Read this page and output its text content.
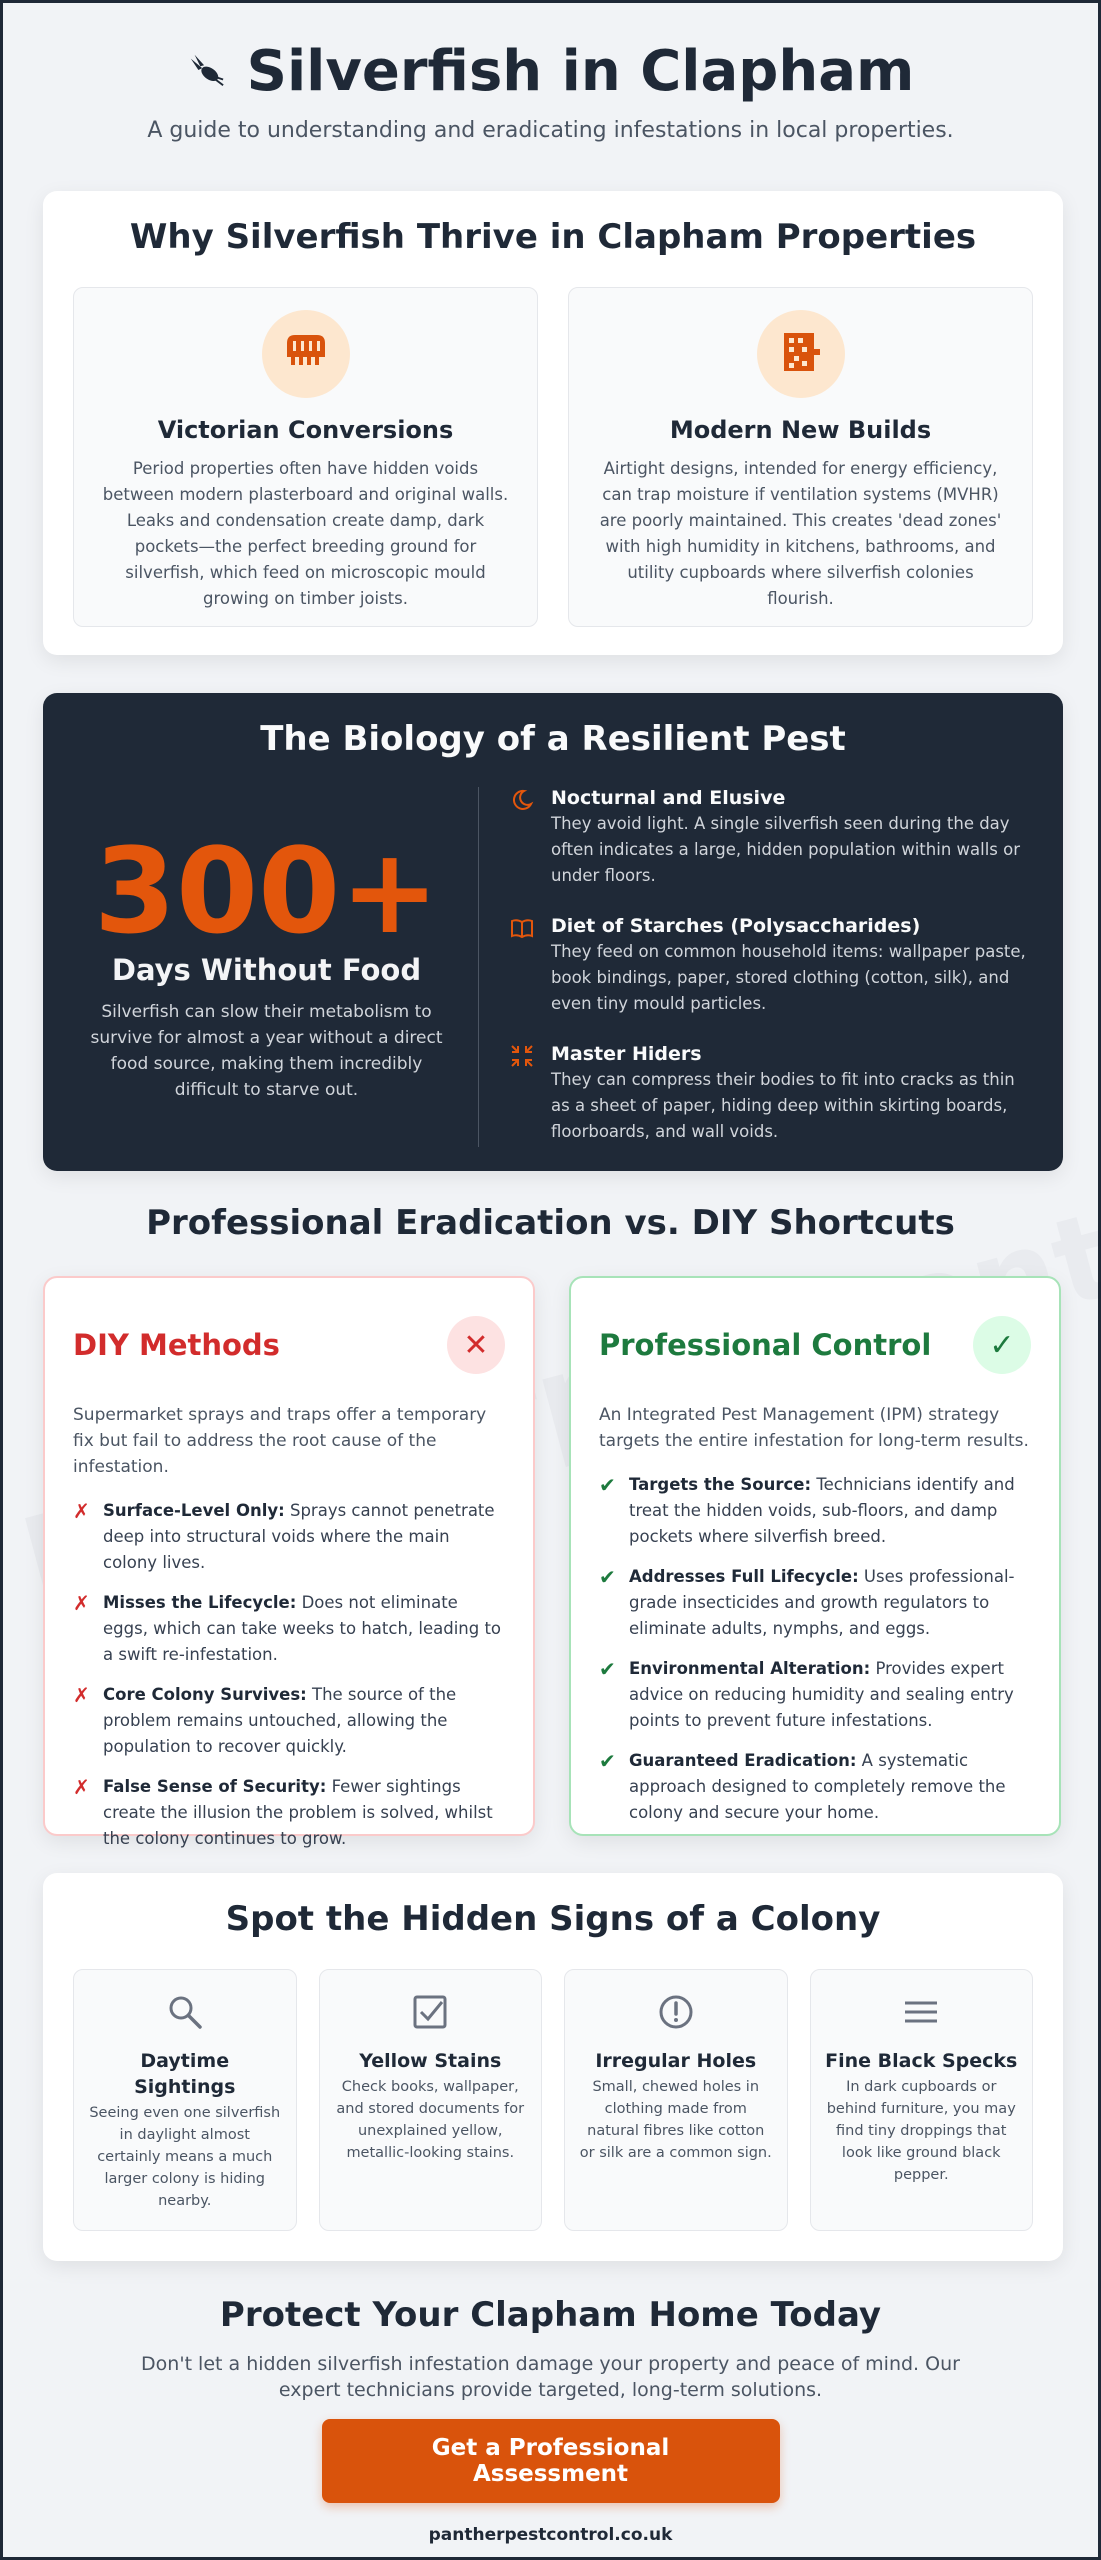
Silverfish in Clapham

A guide to understanding and eradicating infestations in local properties.

Why Silverfish Thrive in Clapham Properties
Victorian Conversions

Period properties often have hidden voids between modern plasterboard and original walls. Leaks and condensation create damp, dark pockets—the perfect breeding ground for silverfish, which feed on microscopic mould growing on timber joists.

Modern New Builds

Airtight designs, intended for energy efficiency, can trap moisture if ventilation systems (MVHR) are poorly maintained. This creates 'dead zones' with high humidity in kitchens, bathrooms, and utility cupboards where silverfish colonies flourish.

The Biology of a Resilient Pest
300+
Days Without Food

Silverfish can slow their metabolism to survive for almost a year without a direct food source, making them incredibly difficult to starve out.

Nocturnal and Elusive

They avoid light. A single silverfish seen during the day often indicates a large, hidden population within walls or under floors.

Diet of Starches (Polysaccharides)

They feed on common household items: wallpaper paste, book bindings, paper, stored clothing (cotton, silk), and even tiny mould particles.

Master Hiders

They can compress their bodies to fit into cracks as thin as a sheet of paper, hiding deep within skirting boards, floorboards, and wall voids.

Professional Eradication vs. DIY Shortcuts
DIY Methods	✕

Supermarket sprays and traps offer a temporary fix but fail to address the root cause of the infestation.

✗ Surface-Level Only: Sprays cannot penetrate deep into structural voids where the main colony lives.

✗ Misses the Lifecycle: Does not eliminate eggs, which can take weeks to hatch, leading to a swift re-infestation.

✗ Core Colony Survives: The source of the problem remains untouched, allowing the population to recover quickly.

✗ False Sense of Security: Fewer sightings create the illusion the problem is solved, whilst the colony continues to grow.

Professional Control	✓

An Integrated Pest Management (IPM) strategy targets the entire infestation for long-term results.

✔ Targets the Source: Technicians identify and treat the hidden voids, sub-floors, and damp pockets where silverfish breed.

✔ Addresses Full Lifecycle: Uses professional-grade insecticides and growth regulators to eliminate adults, nymphs, and eggs.

✔ Environmental Alteration: Provides expert advice on reducing humidity and sealing entry points to prevent future infestations.

✔ Guaranteed Eradication: A systematic approach designed to completely remove the colony and secure your home.

Spot the Hidden Signs of a Colony
Daytime Sightings

Seeing even one silverfish in daylight almost certainly means a much larger colony is hiding nearby.

Yellow Stains

Check books, wallpaper, and stored documents for unexplained yellow, metallic-looking stains.

Irregular Holes

Small, chewed holes in clothing made from natural fibres like cotton or silk are a common sign.

Fine Black Specks

In dark cupboards or behind furniture, you may find tiny droppings that look like ground black pepper.

Protect Your Clapham Home Today

Don't let a hidden silverfish infestation damage your property and peace of mind. Our expert technicians provide targeted, long-term solutions.

Get a Professional Assessment
pantherpestcontrol.co.uk
